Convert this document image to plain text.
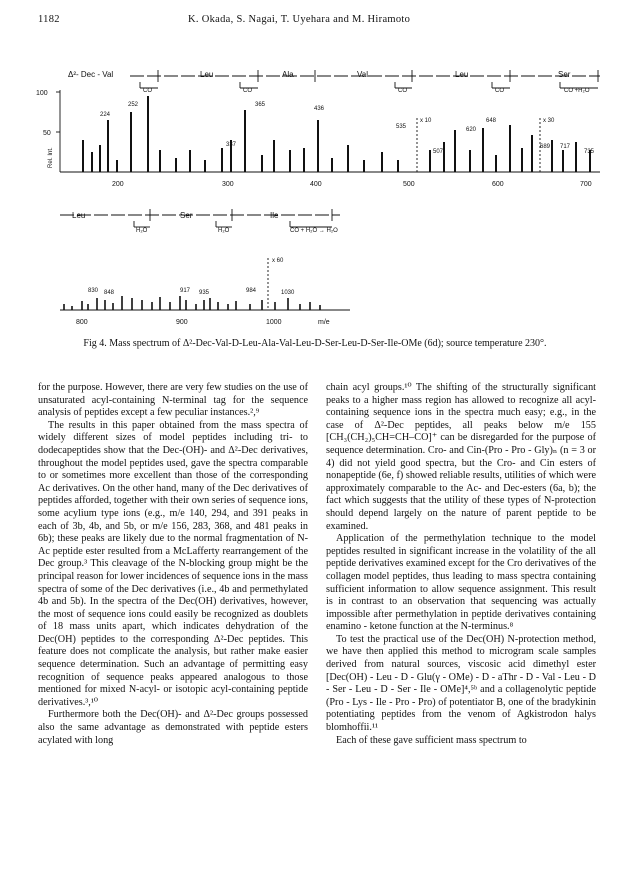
1182	K. Okada, S. Nagai, T. Uyehara and M. Hiramoto
Δ²- Dec - Val	Leu	Ala	Val	Leu	Ser
CO	CO	CO	CO	CO +H₂O
224
252
337
365
436
535	620
648
507
689 717
735
x 10	x 30
100
50
Rel. Int.
200	300	400	500	600	700
Leu	Ser	Ile
H₂O	H₂O	CO + H₂O → H₂O
x 60
830 848	917 935	984	1030
800	900	1000	m/e
Fig 4. Mass spectrum of Δ²-Dec-Val-D-Leu-Ala-Val-Leu-D-Ser-Leu-D-Ser-Ile-OMe (6d); source temperature 230°.

for the purpose. However, there are very few studies on the use of unsaturated acyl-containing N-terminal tag for the sequence analysis of peptides except a few peculiar instances.²,⁹

The results in this paper obtained from the mass spectra of widely different sizes of model peptides including tri- to dodecapeptides show that the Dec-(OH)- and Δ²-Dec derivatives, throughout the model peptides used, gave the spectra comparable to or sometimes more excellent than those of the corresponding Ac derivatives. On the other hand, many of the Dec derivatives of peptides afforded, together with their own series of sequence ions, some acylium type ions (e.g., m/e 140, 294, and 391 peaks in each of 3b, 4b, and 5b, or m/e 156, 283, 368, and 481 peaks in 6b); these peaks are likely due to the normal fragmentation of N-Ac peptide ester resulted from a McLafferty rearrangement of the Dec group.³ This cleavage of the N-blocking group might be the principal reason for lower incidences of sequence ions in the mass spectra of some of the Dec derivatives (i.e., 4b and permethylated 4b and 5b). In the spectra of the Dec(OH) derivatives, however, the most of sequence ions could easily be recognized as doublets of 18 mass units apart, which indicates dehydration of the Dec(OH) peptides to the corresponding Δ²-Dec peptides. This feature does not complicate the analysis, but rather make easier sequence determination. Such an advantage of permitting easy recognition of sequence peaks appeared analogous to those mentioned for mixed N-acyl- or isotopic acyl-containing peptide derivatives.³,¹⁰

Furthermore both the Dec(OH)- and Δ²-Dec groups possessed also the same advantage as demonstrated with peptide esters acylated with long

chain acyl groups.¹⁰ The shifting of the structurally significant peaks to a higher mass region has allowed to recognize all acyl-containing sequence ions in the spectra much easy; e.g., in the case of Δ²-Dec peptides, all peaks below m/e 155 [CH₃(CH₂)₅CH=CH–CO]⁺ can be disregarded for the purpose of sequence determination. Cro- and Cin-(Pro - Pro - Gly)ₙ (n = 3 or 4) did not yield good spectra, but the Cro- and Cin esters of nonapeptide (6e, f) showed reliable results, utilities of which were approximately comparable to the Ac- and Dec-esters (6a, b); the fact which suggests that the utility of these types of N-protection should depend largely on the nature of parent peptide to be examined.

Application of the permethylation technique to the model peptides resulted in significant increase in the volatility of the all peptide derivatives examined except for the Cro derivatives of the collagen model peptides, thus leading to mass spectra containing sufficient information to allow sequence assignment. This result is in contrast to an observation that sequencing was actually impossible after permethylation in peptide derivatives containing enamino - ketone function at the N-terminus.⁸

To test the practical use of the Dec(OH) N-protection method, we have then applied this method to microgram scale samples derived from natural sources, viscosic acid dimethyl ester [Dec(OH) - Leu - D - Glu(γ - OMe) - D - aThr - D - Val - Leu - D - Ser - Leu - D - Ser - Ile - OMe]⁴,⁵ᵇ and a collagenolytic peptide (Pro - Lys - Ile - Pro - Pro) of potentiator B, one of the bradykinin potentiating peptides from the venom of Agkistrodon halys blomhoffii.¹¹

Each of these gave sufficient mass spectrum to
